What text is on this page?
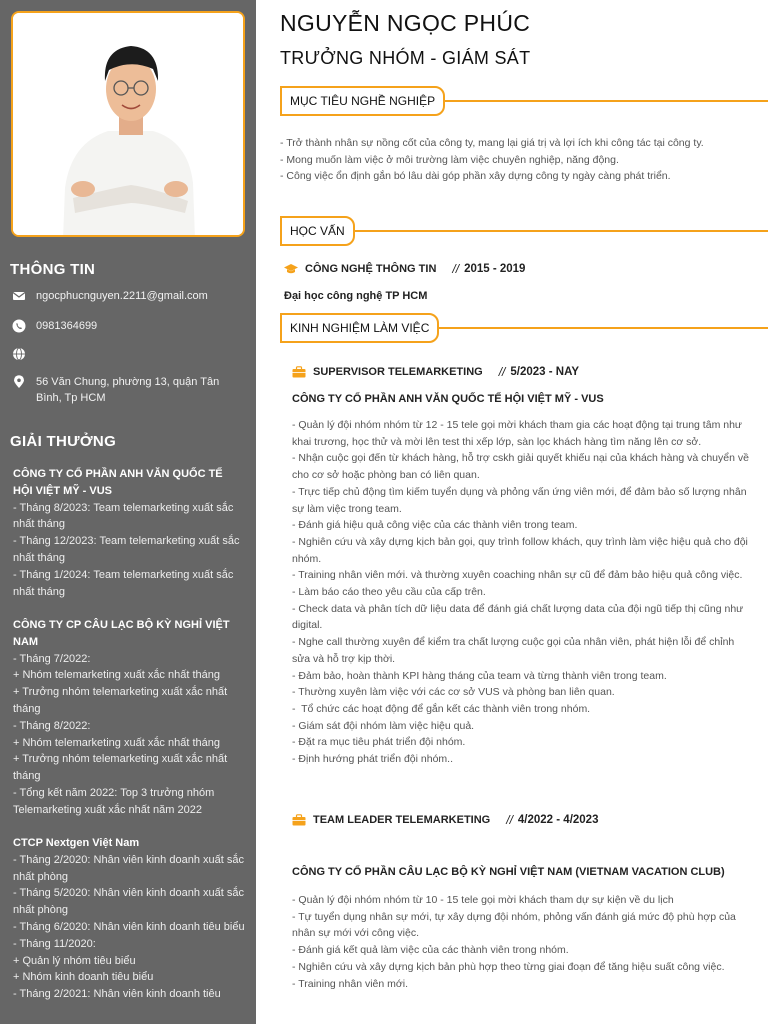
THÔNG TIN
ngocphucnguyen.2211@gmail.com
0981364699
56 Văn Chung, phường 13, quận Tân Bình, Tp HCM
GIẢI THƯỞNG
CÔNG TY CỔ PHẦN ANH VĂN QUỐC TẾ HỘI VIỆT MỸ - VUS
- Tháng 8/2023: Team telemarketing xuất sắc nhất tháng
- Tháng 12/2023: Team telemarketing xuất sắc nhất tháng
- Tháng 1/2024: Team telemarketing xuất sắc nhất tháng
CÔNG TY CP CÂU LẠC BỘ KỲ NGHỈ VIỆT NAM
- Tháng 7/2022:
+ Nhóm telemarketing xuất xắc nhất tháng
+ Trưởng nhóm telemarketing xuất xắc nhất tháng
- Tháng 8/2022:
+ Nhóm telemarketing xuất xắc nhất tháng
+ Trưởng nhóm telemarketing xuất xắc nhất tháng
- Tổng kết năm 2022: Top 3 trưởng nhóm Telemarketing xuất xắc nhất năm 2022
CTCP Nextgen Việt Nam
- Tháng 2/2020: Nhân viên kinh doanh xuất sắc nhất phòng
- Tháng 5/2020: Nhân viên kinh doanh xuất sắc nhất phòng
- Tháng 6/2020: Nhân viên kinh doanh tiêu biểu
- Tháng 11/2020:
+ Quản lý nhóm tiêu biểu
+ Nhóm kinh doanh tiêu biểu
- Tháng 2/2021: Nhân viên kinh doanh tiêu
NGUYỄN NGỌC PHÚC
TRƯỞNG NHÓM - GIÁM SÁT
MỤC TIÊU NGHỀ NGHIỆP
- Trở thành nhân sự nồng cốt của công ty, mang lại giá trị và lợi ích khi công tác tại công ty.
- Mong muốn làm việc ở môi trường làm việc chuyên nghiệp, năng động.
- Công việc ổn định gắn bó lâu dài góp phần xây dựng công ty ngày càng phát triển.
HỌC VẤN
CÔNG NGHỆ THÔNG TIN // 2015 - 2019
Đại học công nghệ TP HCM
KINH NGHIỆM LÀM VIỆC
SUPERVISOR TELEMARKETING // 5/2023 - NAY
CÔNG TY CỔ PHẦN ANH VĂN QUỐC TẾ HỘI VIỆT MỸ - VUS
- Quản lý đội nhóm nhóm từ 12 - 15 tele gọi mời khách tham gia các hoạt động tại trung tâm như khai trương, học thử và mời lên test thi xếp lớp, sàn lọc khách hàng tìm năng lên cơ sở.
- Nhận cuộc gọi đến từ khách hàng, hỗ trợ cskh giải quyết khiếu nại của khách hàng và chuyển về cho cơ sở hoặc phòng ban có liên quan.
- Trực tiếp chủ động tìm kiếm tuyển dụng và phỏng vấn ứng viên mới, để đảm bảo số lượng nhân sự làm việc trong team.
- Đánh giá hiệu quả công việc của các thành viên trong team.
- Nghiên cứu và xây dựng kịch bản gọi, quy trình follow khách, quy trình làm việc hiệu quả cho đội nhóm.
- Training nhân viên mới. và thường xuyên coaching nhân sự cũ để đảm bảo hiệu quả công việc.
- Làm báo cáo theo yêu cầu của cấp trên.
- Check data và phân tích dữ liệu data để đánh giá chất lượng data của đội ngũ tiếp thị cũng như digital.
- Nghe call thường xuyên để kiểm tra chất lượng cuộc gọi của nhân viên, phát hiện lỗi để chỉnh sửa và hỗ trợ kịp thời.
- Đảm bảo, hoàn thành KPI hàng tháng của team và từng thành viên trong team.
- Thường xuyên làm việc với các cơ sở VUS và phòng ban liên quan.
-  Tổ chức các hoạt động để gắn kết các thành viên trong nhóm.
- Giám sát đội nhóm làm việc hiệu quả.
- Đặt ra mục tiêu phát triển đội nhóm.
- Định hướng phát triển đội nhóm..
TEAM LEADER TELEMARKETING // 4/2022 - 4/2023
CÔNG TY CỔ PHẦN CÂU LẠC BỘ KỲ NGHỈ VIỆT NAM (VIETNAM VACATION CLUB)
- Quản lý đội nhóm nhóm từ 10 - 15 tele gọi mời khách tham dự sự kiện về du lịch
- Tự tuyển dụng nhân sự mới, tự xây dựng đội nhóm, phỏng vấn đánh giá mức độ phù hợp của nhân sự mới với công việc.
- Đánh giá kết quả làm việc của các thành viên trong nhóm.
- Nghiên cứu và xây dựng kịch bản phù hợp theo từng giai đoạn để tăng hiệu suất công việc.
- Training nhân viên mới.
